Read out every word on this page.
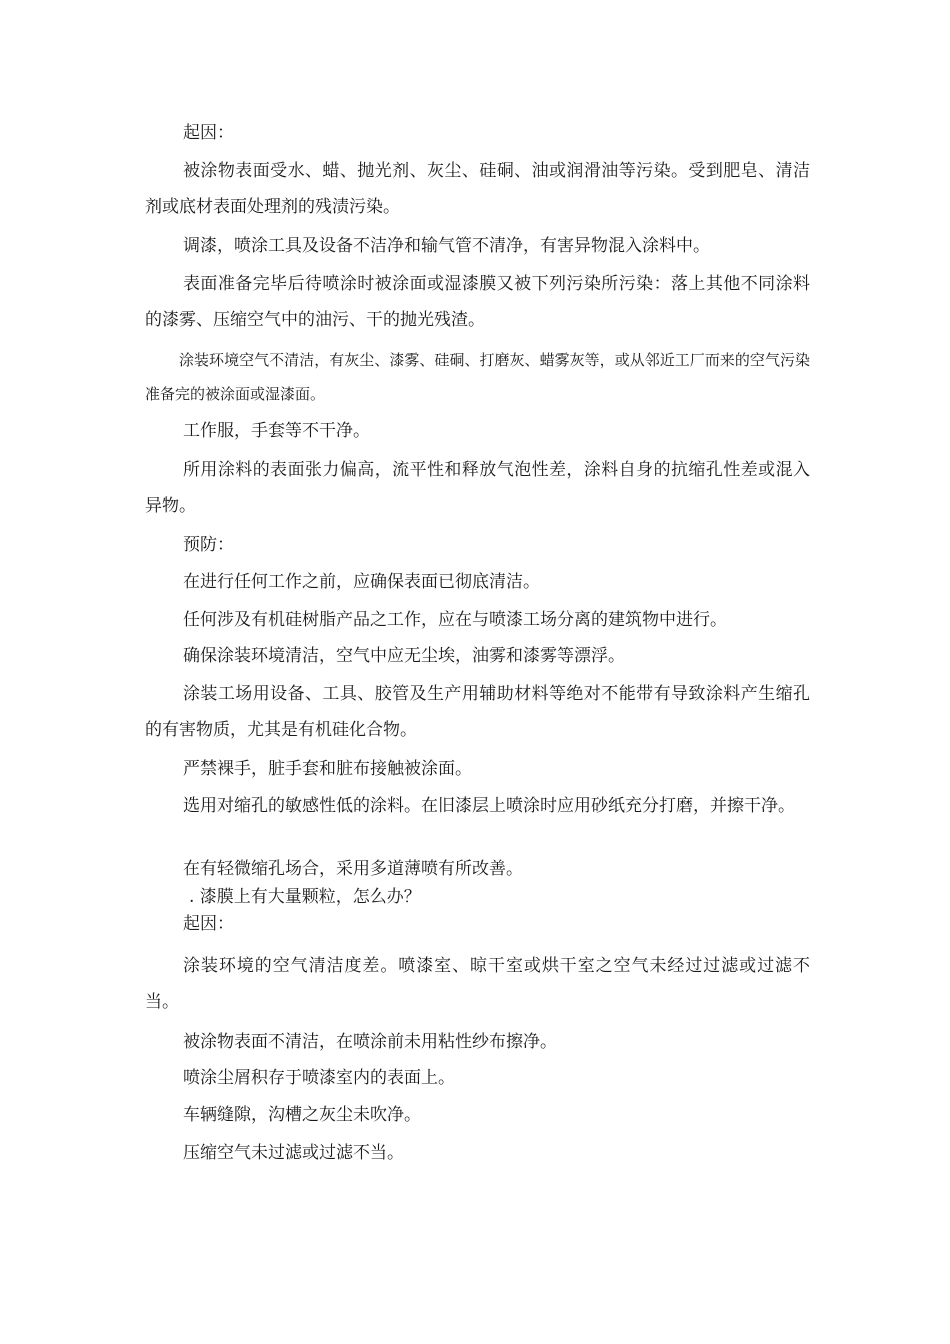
起因：

被涂物表面受水、蜡、抛光剂、灰尘、硅硐、油或润滑油等污染。受到肥皂、清洁剂或底材表面处理剂的残渍污染。

调漆，喷涂工具及设备不洁净和输气管不清净，有害异物混入涂料中。

表面准备完毕后待喷涂时被涂面或湿漆膜又被下列污染所污染：落上其他不同涂料的漆雾、压缩空气中的油污、干的抛光残渣。

涂装环境空气不清洁，有灰尘、漆雾、硅硐、打磨灰、蜡雾灰等，或从邻近工厂而来的空气污染准备完的被涂面或湿漆面。

工作服，手套等不干净。

所用涂料的表面张力偏高，流平性和释放气泡性差，涂料自身的抗缩孔性差或混入异物。

预防：

在进行任何工作之前，应确保表面已彻底清洁。

任何涉及有机硅树脂产品之工作，应在与喷漆工场分离的建筑物中进行。

确保涂装环境清洁，空气中应无尘埃，油雾和漆雾等漂浮。

涂装工场用设备、工具、胶管及生产用辅助材料等绝对不能带有导致涂料产生缩孔的有害物质，尤其是有机硅化合物。

严禁裸手，脏手套和脏布接触被涂面。

选用对缩孔的敏感性低的涂料。在旧漆层上喷涂时应用砂纸充分打磨，并擦干净。

在有轻微缩孔场合，采用多道薄喷有所改善。

. 漆膜上有大量颗粒，怎么办？

起因：

涂装环境的空气清洁度差。喷漆室、晾干室或烘干室之空气未经过过滤或过滤不当。

被涂物表面不清洁，在喷涂前未用粘性纱布擦净。

喷涂尘屑积存于喷漆室内的表面上。

车辆缝隙，沟槽之灰尘未吹净。

压缩空气未过滤或过滤不当。
